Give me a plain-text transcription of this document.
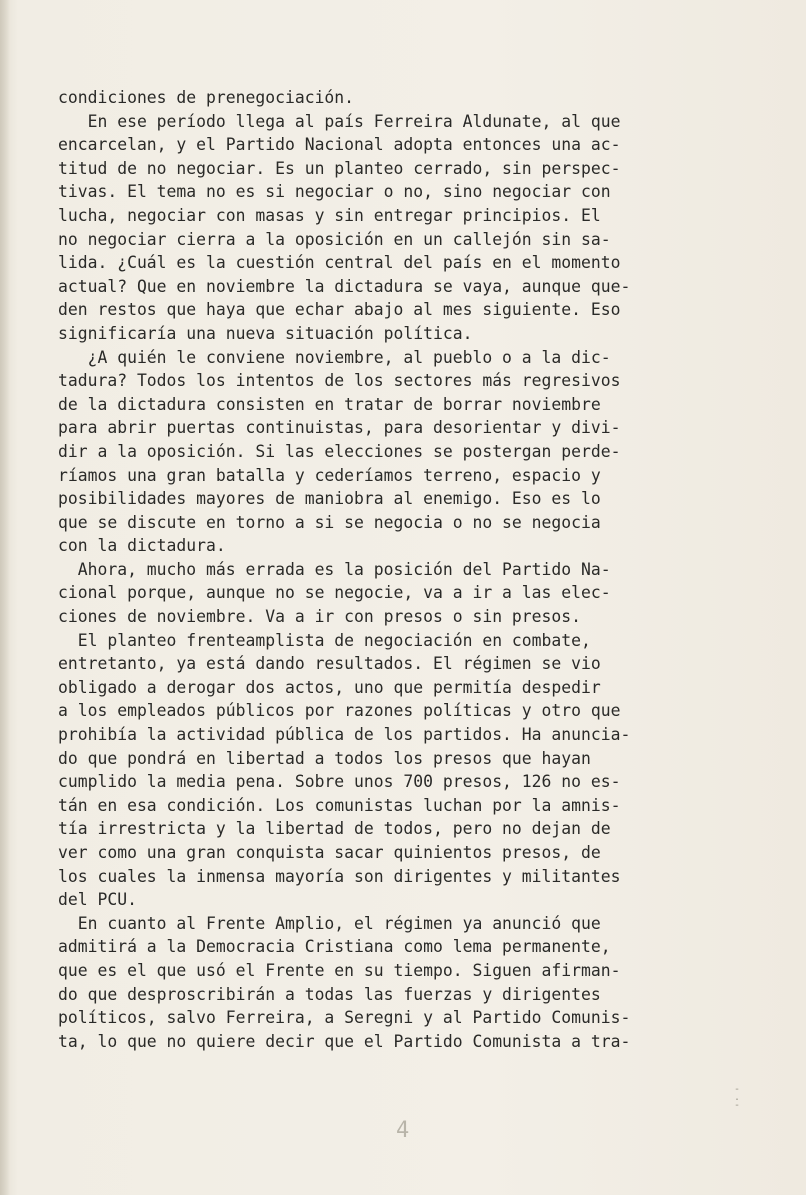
condiciones de prenegociación.
En ese período llega al país Ferreira Aldunate, al que
encarcelan, y el Partido Nacional adopta entonces una ac-
titud de no negociar. Es un planteo cerrado, sin perspec-
tivas. El tema no es si negociar o no, sino negociar con
lucha, negociar con masas y sin entregar principios. El
no negociar cierra a la oposición en un callejón sin sa-
lida. ¿Cuál es la cuestión central del país en el momento
actual? Que en noviembre la dictadura se vaya, aunque que-
den restos que haya que echar abajo al mes siguiente. Eso
significaría una nueva situación política.
¿A quién le conviene noviembre, al pueblo o a la dic-
tadura? Todos los intentos de los sectores más regresivos
de la dictadura consisten en tratar de borrar noviembre
para abrir puertas continuistas, para desorientar y divi-
dir a la oposición. Si las elecciones se postergan perde-
ríamos una gran batalla y cederíamos terreno, espacio y
posibilidades mayores de maniobra al enemigo. Eso es lo
que se discute en torno a si se negocia o no se negocia
con la dictadura.
Ahora, mucho más errada es la posición del Partido Na-
cional porque, aunque no se negocie, va a ir a las elec-
ciones de noviembre. Va a ir con presos o sin presos.
El planteo frenteamplista de negociación en combate,
entretanto, ya está dando resultados. El régimen se vio
obligado a derogar dos actos, uno que permitía despedir
a los empleados públicos por razones políticas y otro que
prohibía la actividad pública de los partidos. Ha anuncia-
do que pondrá en libertad a todos los presos que hayan
cumplido la media pena. Sobre unos 700 presos, 126 no es-
tán en esa condición. Los comunistas luchan por la amnis-
tía irrestricta y la libertad de todos, pero no dejan de
ver como una gran conquista sacar quinientos presos, de
los cuales la inmensa mayoría son dirigentes y militantes
del PCU.
En cuanto al Frente Amplio, el régimen ya anunció que
admitirá a la Democracia Cristiana como lema permanente,
que es el que usó el Frente en su tiempo. Siguen afirman-
do que desproscribirán a todas las fuerzas y dirigentes
políticos, salvo Ferreira, a Seregni y al Partido Comunis-
ta, lo que no quiere decir que el Partido Comunista a tra-
4
-
.
-
